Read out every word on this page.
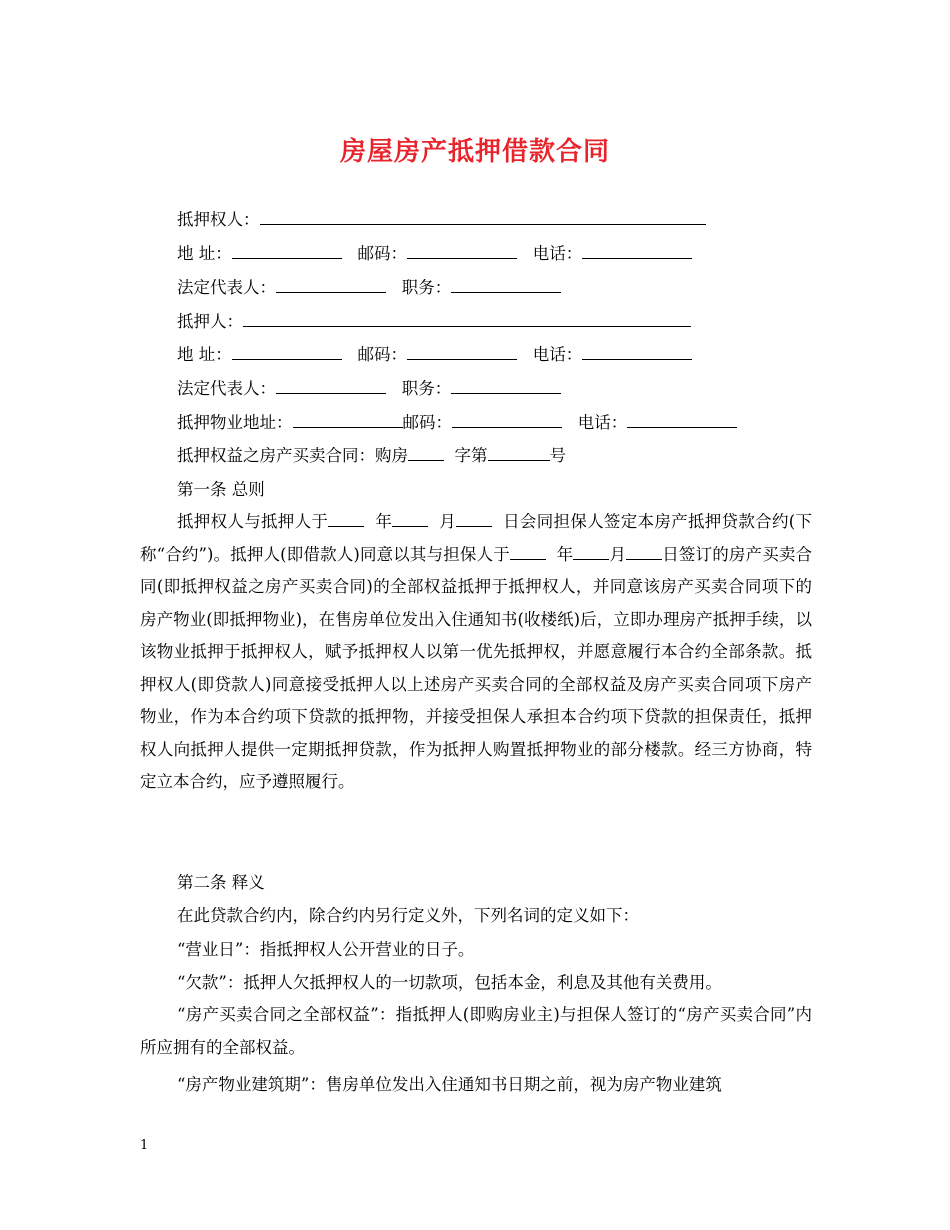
房屋房产抵押借款合同
抵押权人：
地 址：	邮码：	电话：
法定代表人：	职务：
抵押人：
地 址：	邮码：	电话：
法定代表人：	职务：
抵押物业地址：	邮码：	电话：
抵押权益之房产买卖合同：购房	字第	号
第一条 总则
抵押权人与抵押人于	年	月	日会同担保人签定本房产抵押贷款合约(下称“合约”)。抵押人(即借款人)同意以其与担保人于	年 月 日签订的房产买卖合同(即抵押权益之房产买卖合同)的全部权益抵押于抵押权人，并同意该房产买卖合同项下的房产物业(即抵押物业)，在售房单位发出入住通知书(收楼纸)后，立即办理房产抵押手续，以该物业抵押于抵押权人，赋予抵押权人以第一优先抵押权，并愿意履行本合约全部条款。抵押权人(即贷款人)同意接受抵押人以上述房产买卖合同的全部权益及房产买卖合同项下房产物业，作为本合约项下贷款的抵押物，并接受担保人承担本合约项下贷款的担保责任，抵押权人向抵押人提供一定期抵押贷款，作为抵押人购置抵押物业的部分楼款。经三方协商，特定立本合约，应予遵照履行。
第二条 释义
在此贷款合约内，除合约内另行定义外，下列名词的定义如下：
“营业日”：指抵押权人公开营业的日子。
“欠款”：抵押人欠抵押权人的一切款项，包括本金，利息及其他有关费用。
“房产买卖合同之全部权益”：指抵押人(即购房业主)与担保人签订的“房产买卖合同”内所应拥有的全部权益。
“房产物业建筑期”：售房单位发出入住通知书日期之前，视为房产物业建筑
1
